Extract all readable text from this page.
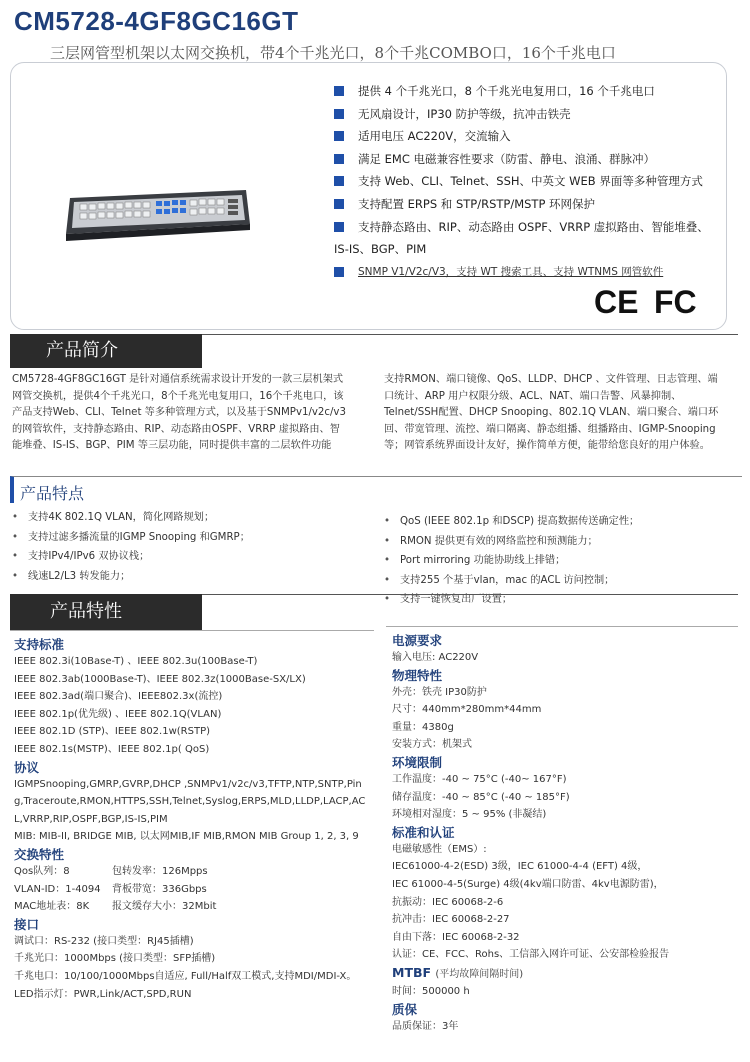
CM5728-4GF8GC16GT
三层网管型机架以太网交换机，带4个千兆光口，8个千兆COMBO口，16个千兆电口
提供 4 个千兆光口，8 个千兆光电复用口，16 个千兆电口
无风扇设计，IP30 防护等级，抗冲击铁壳
适用电压 AC220V，交流输入
满足 EMC 电磁兼容性要求（防雷、静电、浪涌、群脉冲）
支持 Web、CLI、Telnet、SSH、中英文 WEB 界面等多种管理方式
支持配置 ERPS 和 STP/RSTP/MSTP 环网保护
支持静态路由、RIP、动态路由 OSPF、VRRP 虚拟路由、智能堆叠、
IS-IS、BGP、PIM
SNMP V1/V2c/V3，支持 WT 搜索工具、支持 WTNMS 网管软件
CE FC
产品简介
CM5728-4GF8GC16GT 是针对通信系统需求设计开发的一款三层机架式网管交换机，提供4个千兆光口，8个千兆光电复用口，16个千兆电口，该产品支持Web、CLI、Telnet 等多种管理方式，以及基于SNMPv1/v2c/v3的网管软件，支持静态路由、RIP、动态路由OSPF、VRRP 虚拟路由、智能堆叠、IS-IS、BGP、PIM 等三层功能，同时提供丰富的二层软件功能
支持RMON、端口镜像、QoS、LLDP、DHCP 、文件管理、日志管理、端口统计、ARP 用户权限分级、ACL、NAT、端口告警、风暴抑制、Telnet/SSH配置、DHCP Snooping、802.1Q VLAN、端口聚合、端口环回、带宽管理、流控、端口隔离、静态组播、组播路由、IGMP-Snooping 等；网管系统界面设计友好，操作简单方便，能带给您良好的用户体验。
产品特点
• 支持4K 802.1Q VLAN，简化网路规划；
• 支持过滤多播流量的IGMP Snooping 和GMRP；
• 支持IPv4/IPv6 双协议栈；
• 线速L2/L3 转发能力；
• QoS (IEEE 802.1p 和DSCP) 提高数据传送确定性；
• RMON 提供更有效的网络监控和预测能力；
• Port mirroring 功能协助线上排错；
• 支持255 个基于vlan，mac 的ACL 访问控制；
• 支持一键恢复出厂设置；
产品特性
支持标准
IEEE 802.3i(10Base-T) 、IEEE 802.3u(100Base-T)
IEEE 802.3ab(1000Base-T)、IEEE 802.3z(1000Base-SX/LX)
IEEE 802.3ad(端口聚合)、IEEE802.3x(流控)
IEEE 802.1p(优先级) 、IEEE 802.1Q(VLAN)
IEEE 802.1D (STP)、IEEE 802.1w(RSTP)
IEEE 802.1s(MSTP)、IEEE 802.1p( QoS)
协议
IGMPSnooping,GMRP,GVRP,DHCP ,SNMPv1/v2c/v3,TFTP,NTP,SNTP,Ping,Traceroute,RMON,HTTPS,SSH,Telnet,Syslog,ERPS,MLD,LLDP,LACP,ACL,VRRP,RIP,OSPF,BGP,IS-IS,PIM
MIB: MIB-II, BRIDGE MIB, 以太网MIB,IF MIB,RMON MIB Group 1, 2, 3, 9
交换特性
Qos队列：8	包转发率：126Mpps
VLAN-ID：1-4094 背板带宽：336Gbps
MAC地址表：8K 报文缓存大小：32Mbit
接口
调试口：RS-232 (接口类型：RJ45插槽)
千兆光口：1000Mbps (接口类型：SFP插槽)
千兆电口：10/100/1000Mbps自适应, Full/Half双工模式,支持MDI/MDI-X。
LED指示灯：PWR,Link/ACT,SPD,RUN
电源要求
输入电压: AC220V
物理特性
外壳：铁壳 IP30防护
尺寸：440mm*280mm*44mm
重量：4380g
安装方式：机架式
环境限制
工作温度：-40 ~ 75°C (-40~ 167°F)
储存温度：-40 ~ 85°C (-40 ~ 185°F)
环境相对湿度：5 ~ 95% (非凝结)
标准和认证
电磁敏感性（EMS）:
IEC61000-4-2(ESD) 3级，IEC 61000-4-4 (EFT) 4级，
IEC 61000-4-5(Surge) 4级(4kv端口防雷、4kv电源防雷)，
抗振动：IEC 60068-2-6
抗冲击：IEC 60068-2-27
自由下落：IEC 60068-2-32
认证：CE、FCC、Rohs、工信部入网许可证、公安部检验报告
MTBF (平均故障间隔时间)
时间：500000 h
质保
品质保证：3年
